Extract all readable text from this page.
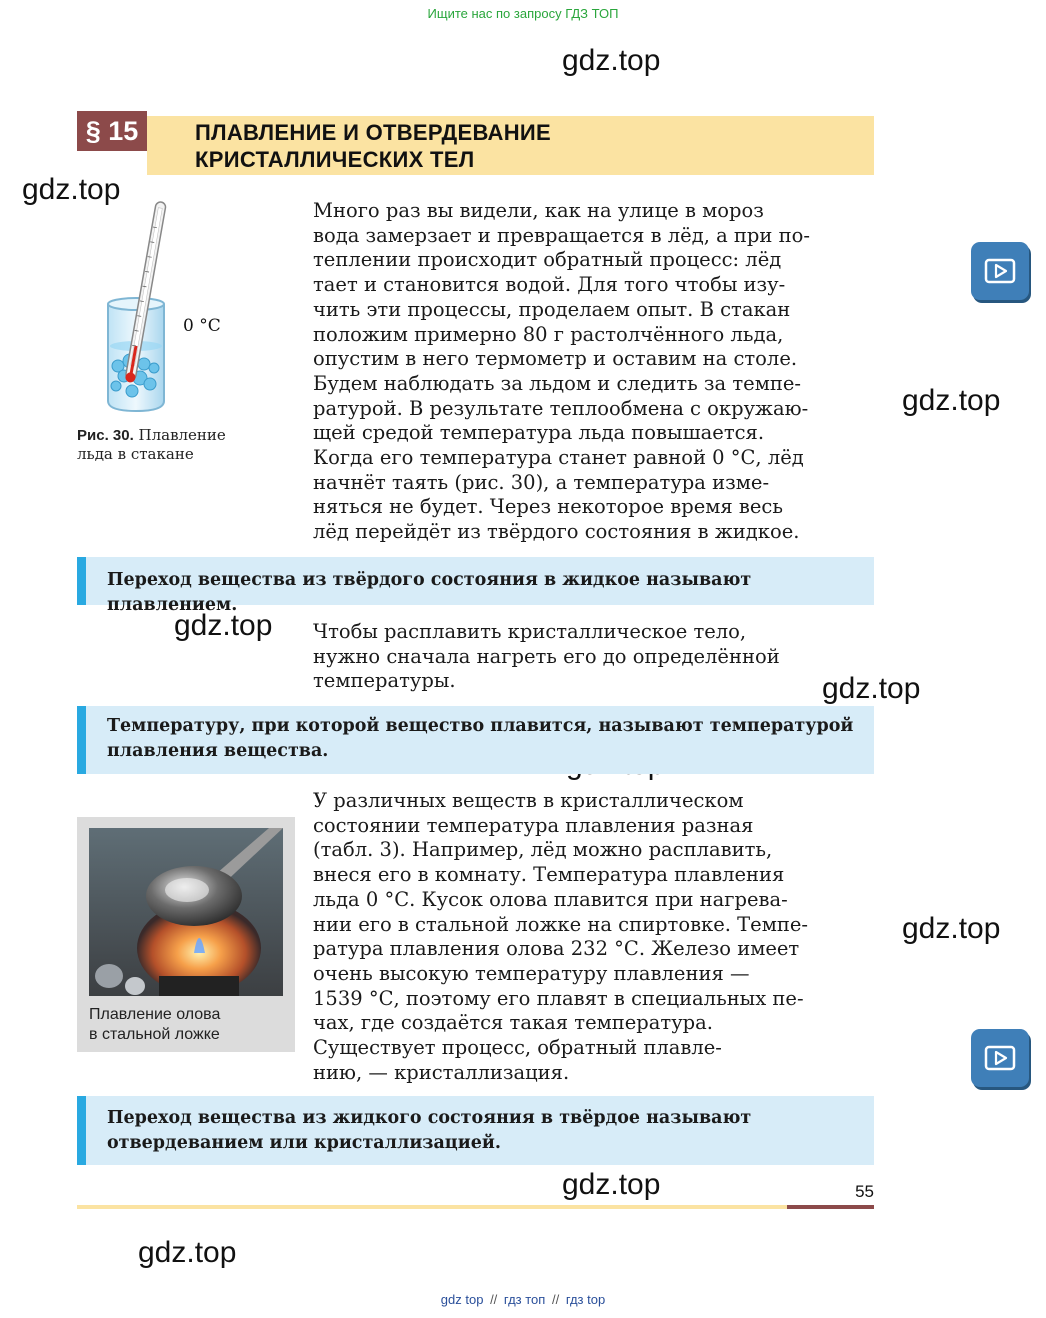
Ищите нас по запросу ГДЗ ТОП
gdz.top
gdz.top
gdz.top
gdz.top
gdz.top
gdz.top
gdz.top
gdz.top
§ 15	ПЛАВЛЕНИЕ И ОТВЕРДЕВАНИЕ
КРИСТАЛЛИЧЕСКИХ ТЕЛ
0 °C
Рис. 30. Плавление
льда в стакане
Много раз вы видели, как на улице в мороз
вода замерзает и превращается в лёд, а при по-
теплении происходит обратный процесс: лёд
тает и становится водой. Для того чтобы изу-
чить эти процессы, проделаем опыт. В стакан
положим примерно 80 г растолчённого льда,
опустим в него термометр и оставим на столе.
Будем наблюдать за льдом и следить за темпе-
ратурой. В результате теплообмена с окружаю-
щей средой температура льда повышается.
Когда его температура станет равной 0 °С, лёд
начнёт таять (рис. 30), а температура изме-
няться не будет. Через некоторое время весь
лёд перейдёт из твёрдого состояния в жидкое.
Переход вещества из твёрдого состояния в жидкое называют плавлением.
Чтобы расплавить кристаллическое тело,
нужно сначала нагреть его до определённой
температуры.
Температуру, при которой вещество плавится, называют температурой плавления вещества.
Плавление олова
в стальной ложке
У различных веществ в кристаллическом
состоянии температура плавления разная
(табл. 3). Например, лёд можно расплавить,
внеся его в комнату. Температура плавления
льда 0 °С. Кусок олова плавится при нагрева-
нии его в стальной ложке на спиртовке. Темпе-
ратура плавления олова 232 °С. Железо имеет
очень высокую температуру плавления —
1539 °С, поэтому его плавят в специальных пе-
чах, где создаётся такая температура.
Существует процесс, обратный плавле-
нию, — кристаллизация.
Переход вещества из жидкого состояния в твёрдое называют отвердеванием или кристаллизацией.
55
gdz top // гдз топ // гдз top
